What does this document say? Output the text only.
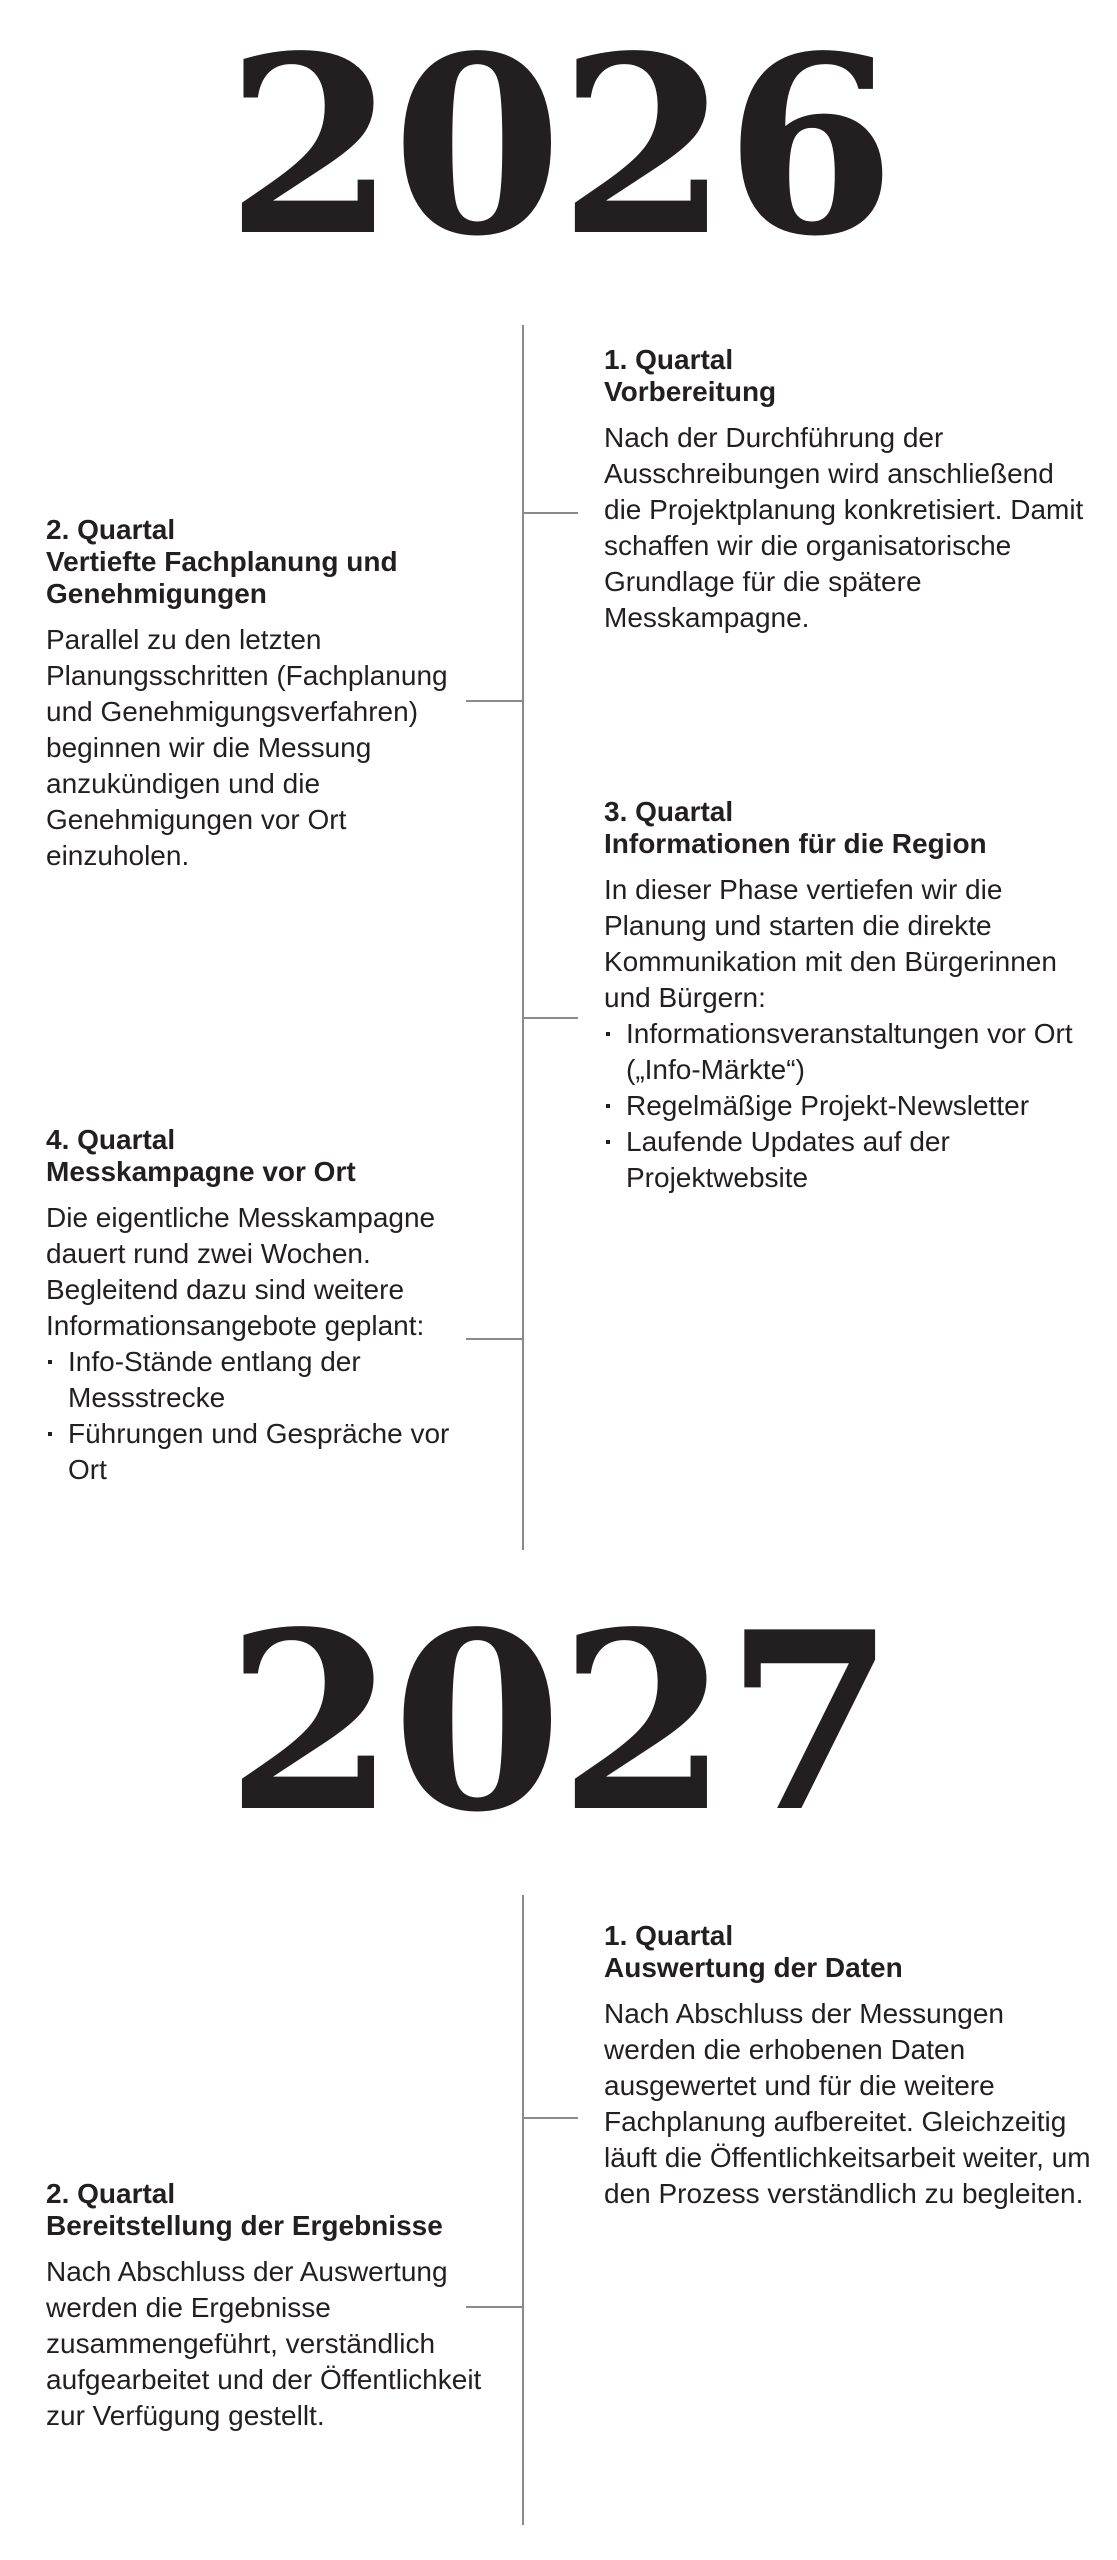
2026
1. Quartal
Vorbereitung

Nach der Durchführung der Ausschreibungen wird anschließend die Projektplanung konkretisiert. Damit schaffen wir die organisatorische Grundlage für die spätere Messkampagne.

2. Quartal
Vertiefte Fachplanung und Genehmigungen

Parallel zu den letzten Planungsschritten (Fachplanung und Genehmigungsverfahren) beginnen wir die Messung anzukündigen und die Genehmigungen vor Ort einzuholen.

3. Quartal
Informationen für die Region

In dieser Phase vertiefen wir die Planung und starten die direkte Kommunikation mit den Bürgerinnen und Bürgern:

Informationsveranstaltungen vor Ort („Info-Märkte“)
Regelmäßige Projekt-Newsletter
Laufende Updates auf der Projektwebsite
4. Quartal
Messkampagne vor Ort

Die eigentliche Messkampagne dauert rund zwei Wochen. Begleitend dazu sind weitere Informationsangebote geplant:

Info-Stände entlang der Messstrecke
Führungen und Gespräche vor Ort
2027
1. Quartal
Auswertung der Daten

Nach Abschluss der Messungen werden die erhobenen Daten ausgewertet und für die weitere Fachplanung aufbereitet. Gleichzeitig läuft die Öffentlichkeitsarbeit weiter, um den Prozess verständlich zu begleiten.

2. Quartal
Bereitstellung der Ergebnisse

Nach Abschluss der Auswertung werden die Ergebnisse zusammengeführt, verständlich aufgearbeitet und der Öffentlichkeit zur Verfügung gestellt.
